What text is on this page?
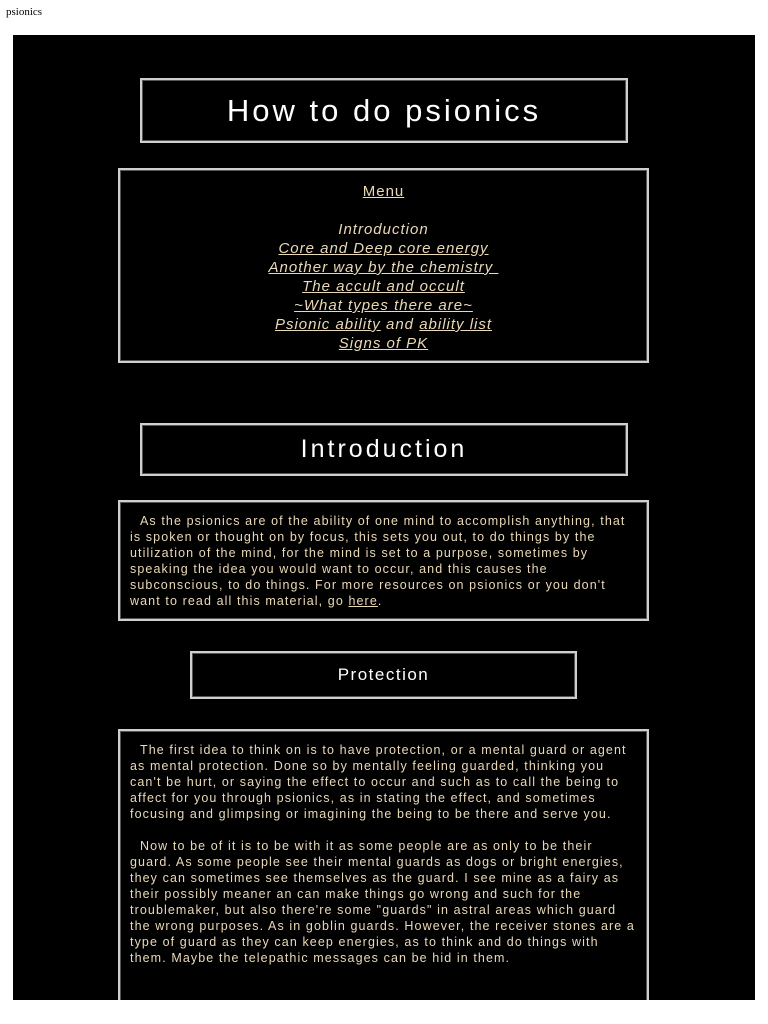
psionics
How to do psionics
Menu
Introduction
Core and Deep core energy
Another way by the chemistry
The accult and occult
~What types there are~
Psionic ability and ability list
Signs of PK
Introduction

As the psionics are of the ability of one mind to accomplish anything, that is spoken or thought on by focus, this sets you out, to do things by the utilization of the mind, for the mind is set to a purpose, sometimes by speaking the idea you would want to occur, and this causes the subconscious, to do things. For more resources on psionics or you don't want to read all this material, go here.

Protection

The first idea to think on is to have protection, or a mental guard or agent as mental protection. Done so by mentally feeling guarded, thinking you can't be hurt, or saying the effect to occur and such as to call the being to affect for you through psionics, as in stating the effect, and sometimes focusing and glimpsing or imagining the being to be there and serve you.

Now to be of it is to be with it as some people are as only to be their guard. As some people see their mental guards as dogs or bright energies, they can sometimes see themselves as the guard. I see mine as a fairy as their possibly meaner an can make things go wrong and such for the troublemaker, but also there're some "guards" in astral areas which guard the wrong purposes. As in goblin guards. However, the receiver stones are a type of guard as they can keep energies, as to think and do things with them. Maybe the telepathic messages can be hid in them.
